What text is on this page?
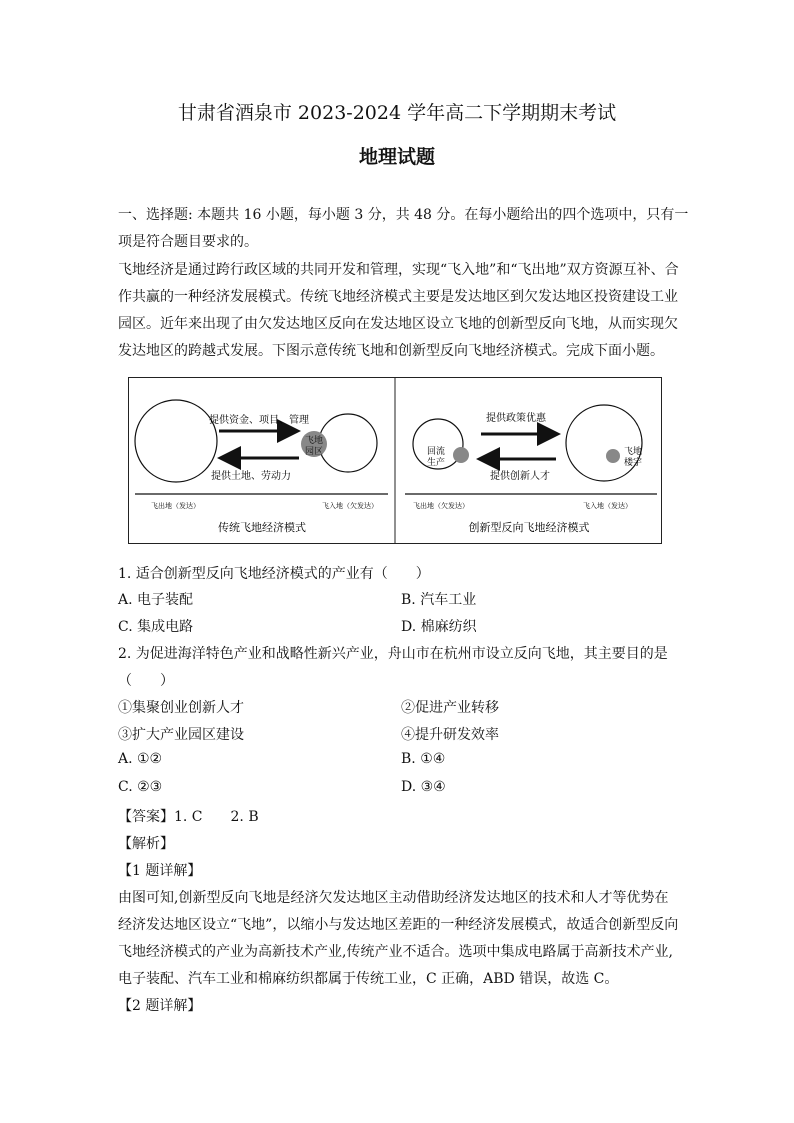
甘肃省酒泉市 2023-2024 学年高二下学期期末考试
地理试题
一、选择题: 本题共 16 小题，每小题 3 分，共 48 分。在每小题给出的四个选项中，只有一
项是符合题目要求的。
飞地经济是通过跨行政区域的共同开发和管理，实现“飞入地”和“飞出地”双方资源互补、合
作共赢的一种经济发展模式。传统飞地经济模式主要是发达地区到欠发达地区投资建设工业
园区。近年来出现了由欠发达地区反向在发达地区设立飞地的创新型反向飞地，从而实现欠
发达地区的跨越式发展。下图示意传统飞地和创新型反向飞地经济模式。完成下面小题。
飞地
园区
提供资金、项目、管理
提供土地、劳动力
飞出地（发达）	飞入地（欠发达）
传统飞地经济模式
回流
生产
飞地
楼宇
提供政策优惠
提供创新人才
飞出地（欠发达）	飞入地（发达）
创新型反向飞地经济模式
1. 适合创新型反向飞地经济模式的产业有（　　）
A. 电子装配	B. 汽车工业
C. 集成电路	D. 棉麻纺织
2. 为促进海洋特色产业和战略性新兴产业，舟山市在杭州市设立反向飞地，其主要目的是
（　　）
①集聚创业创新人才	②促进产业转移
③扩大产业园区建设	④提升研发效率
A. ①②	B. ①④
C. ②③	D. ③④
【答案】1. C　　2. B
【解析】
【1 题详解】
由图可知,创新型反向飞地是经济欠发达地区主动借助经济发达地区的技术和人才等优势在
经济发达地区设立“飞地”，以缩小与发达地区差距的一种经济发展模式，故适合创新型反向
飞地经济模式的产业为高新技术产业,传统产业不适合。选项中集成电路属于高新技术产业,
电子装配、汽车工业和棉麻纺织都属于传统工业，C 正确，ABD 错误，故选 C。
【2 题详解】
